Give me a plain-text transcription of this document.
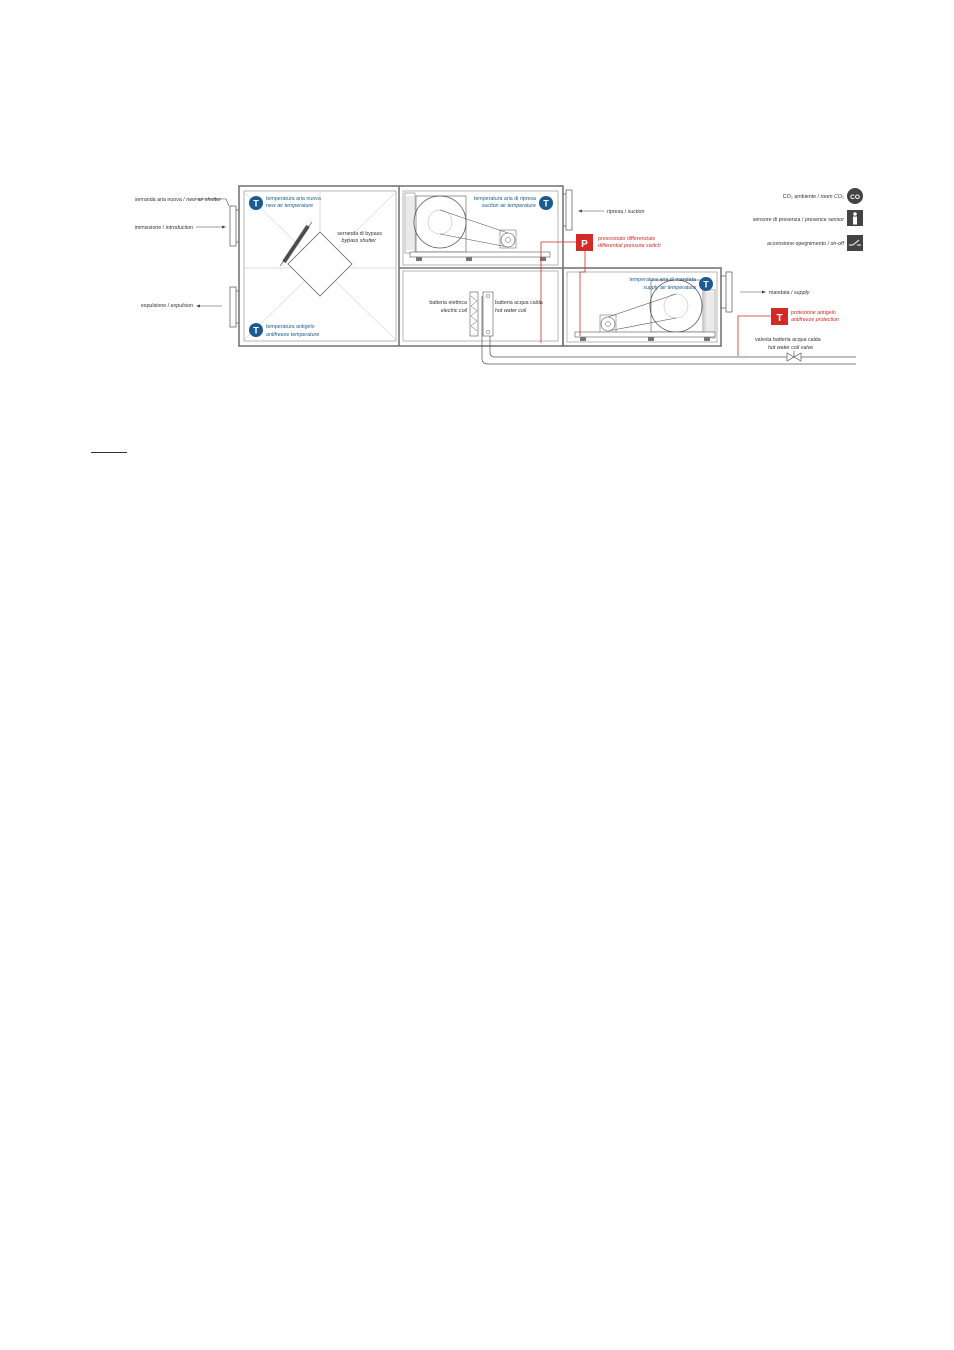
T
T
T
T
P
T
serranda aria nuova / new air shutter
immissione / introduction
espulsione / expulsion
temperatura aria nuova
new air temperature
serranda di bypass
bypass shutter
temperatura antigelo
antifreeze temperature
temperatura aria di ripresa
suction air temperature
ripresa / suction
pressostato differenziale
differential pressure switch
batteria elettrica
electric coil
batteria acqua calda
hot water coil
temperatura aria di mandata
supply air temperature
mandata / supply
protezione antigelo
antifreeze protection
valvola batteria acqua calda
hot water coil valve
CO₂ ambiente / room CO₂ CO
sensore di presenza / presence sensor
accensione-spegnimento / on-off
